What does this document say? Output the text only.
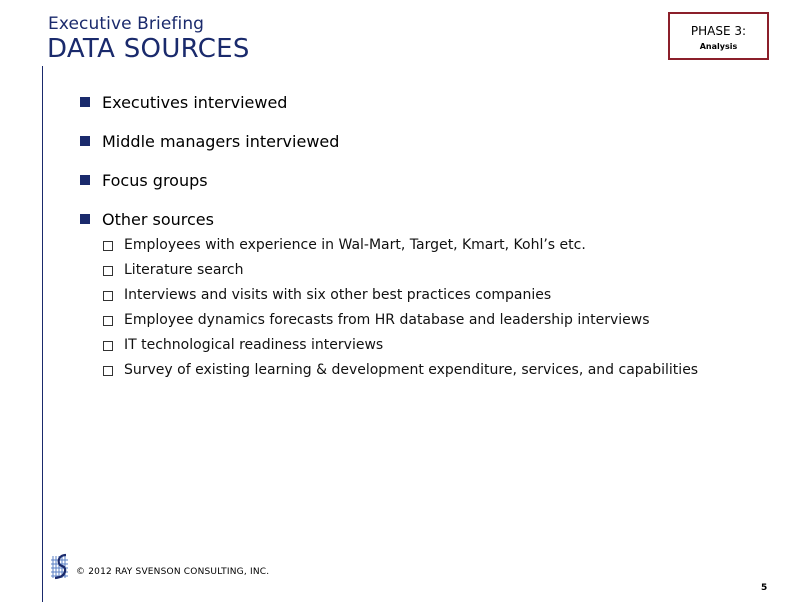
Executive Briefing
DATA SOURCES
PHASE 3:
Analysis
Executives interviewed
Middle managers interviewed
Focus groups
Other sources
Employees with experience in Wal-Mart, Target, Kmart, Kohl’s etc.
Literature search
Interviews and visits with six other best practices companies
Employee dynamics forecasts from HR database and leadership interviews
IT technological readiness interviews
Survey of existing learning & development expenditure, services, and capabilities
© 2012 RAY SVENSON CONSULTING, INC.
5
